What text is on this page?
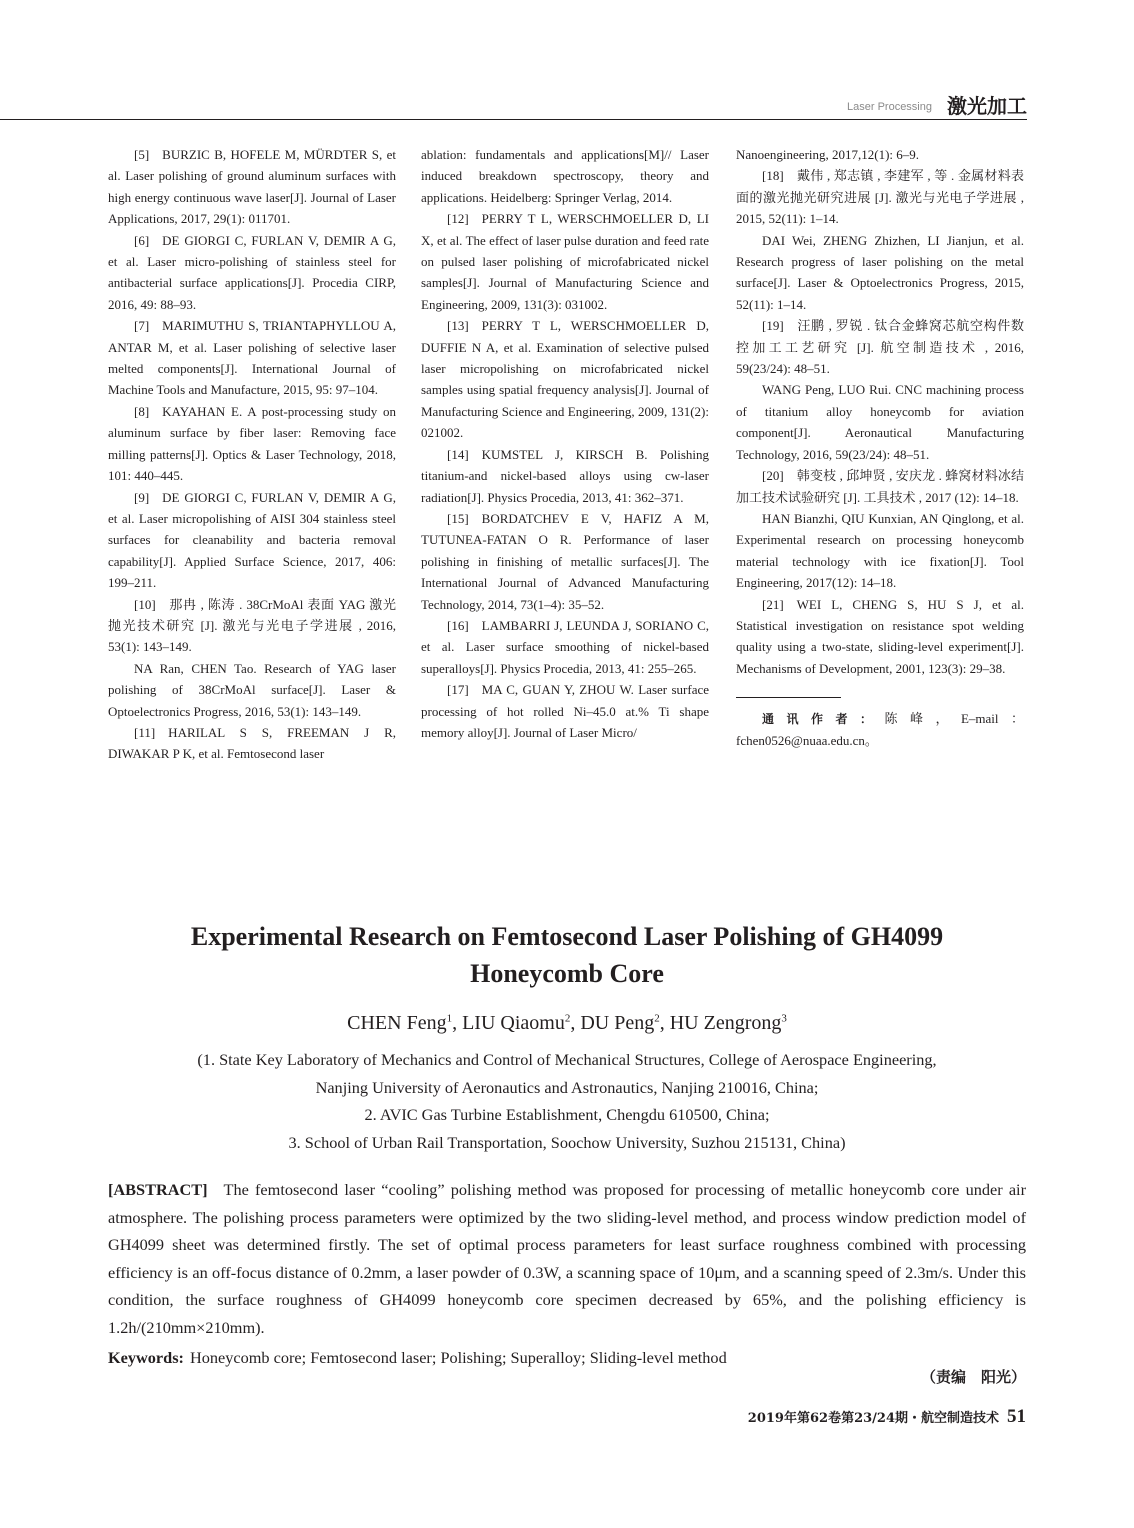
Laser Processing 激光加工

[5] BURZIC B, HOFELE M, MÜRDTER S, et al. Laser polishing of ground aluminum surfaces with high energy continuous wave laser[J]. Journal of Laser Applications, 2017, 29(1): 011701.

[6] DE GIORGI C, FURLAN V, DEMIR A G, et al. Laser micro-polishing of stainless steel for antibacterial surface applications[J]. Procedia CIRP, 2016, 49: 88–93.

[7] MARIMUTHU S, TRIANTAPHYLLOU A, ANTAR M, et al. Laser polishing of selective laser melted components[J]. International Journal of Machine Tools and Manufacture, 2015, 95: 97–104.

[8] KAYAHAN E. A post-processing study on aluminum surface by fiber laser: Removing face milling patterns[J]. Optics & Laser Technology, 2018, 101: 440–445.

[9] DE GIORGI C, FURLAN V, DEMIR A G, et al. Laser micropolishing of AISI 304 stainless steel surfaces for cleanability and bacteria removal capability[J]. Applied Surface Science, 2017, 406: 199–211.

[10] 那冉 , 陈涛 . 38CrMoAl 表面 YAG 激光抛光技术研究 [J]. 激光与光电子学进展 , 2016, 53(1): 143–149.

NA Ran, CHEN Tao. Research of YAG laser polishing of 38CrMoAl surface[J]. Laser & Optoelectronics Progress, 2016, 53(1): 143–149.

[11] HARILAL S S, FREEMAN J R, DIWAKAR P K, et al. Femtosecond laser

ablation: fundamentals and applications[M]// Laser induced breakdown spectroscopy, theory and applications. Heidelberg: Springer Verlag, 2014.

[12] PERRY T L, WERSCHMOELLER D, LI X, et al. The effect of laser pulse duration and feed rate on pulsed laser polishing of microfabricated nickel samples[J]. Journal of Manufacturing Science and Engineering, 2009, 131(3): 031002.

[13] PERRY T L, WERSCHMOELLER D, DUFFIE N A, et al. Examination of selective pulsed laser micropolishing on microfabricated nickel samples using spatial frequency analysis[J]. Journal of Manufacturing Science and Engineering, 2009, 131(2): 021002.

[14] KUMSTEL J, KIRSCH B. Polishing titanium-and nickel-based alloys using cw-laser radiation[J]. Physics Procedia, 2013, 41: 362–371.

[15] BORDATCHEV E V, HAFIZ A M, TUTUNEA-FATAN O R. Performance of laser polishing in finishing of metallic surfaces[J]. The International Journal of Advanced Manufacturing Technology, 2014, 73(1–4): 35–52.

[16] LAMBARRI J, LEUNDA J, SORIANO C, et al. Laser surface smoothing of nickel-based superalloys[J]. Physics Procedia, 2013, 41: 255–265.

[17] MA C, GUAN Y, ZHOU W. Laser surface processing of hot rolled Ni–45.0 at.% Ti shape memory alloy[J]. Journal of Laser Micro/

Nanoengineering, 2017,12(1): 6–9.

[18] 戴伟 , 郑志镇 , 李建军 , 等 . 金属材料表面的激光抛光研究进展 [J]. 激光与光电子学进展 , 2015, 52(11): 1–14.

DAI Wei, ZHENG Zhizhen, LI Jianjun, et al. Research progress of laser polishing on the metal surface[J]. Laser & Optoelectronics Progress, 2015, 52(11): 1–14.

[19] 汪鹏 , 罗锐 . 钛合金蜂窝芯航空构件数控加工工艺研究 [J]. 航空制造技术 , 2016, 59(23/24): 48–51.

WANG Peng, LUO Rui. CNC machining process of titanium alloy honeycomb for aviation component[J]. Aeronautical Manufacturing Technology, 2016, 59(23/24): 48–51.

[20] 韩变枝 , 邱坤贤 , 安庆龙 . 蜂窝材料冰结加工技术试验研究 [J]. 工具技术 , 2017 (12): 14–18.

HAN Bianzhi, QIU Kunxian, AN Qinglong, et al. Experimental research on processing honeycomb material technology with ice fixation[J]. Tool Engineering, 2017(12): 14–18.

[21] WEI L, CHENG S, HU S J, et al. Statistical investigation on resistance spot welding quality using a two-state, sliding-level experiment[J]. Mechanisms of Development, 2001, 123(3): 29–38.

通讯作者：陈峰，E–mail：fchen0526@nuaa.edu.cn。

Experimental Research on Femtosecond Laser Polishing of GH4099
Honeycomb Core
CHEN Feng$^1$, LIU Qiaomu$^2$, DU Peng$^2$, HU Zengrong$^3$
(1. State Key Laboratory of Mechanics and Control of Mechanical Structures, College of Aerospace Engineering,
Nanjing University of Aeronautics and Astronautics, Nanjing 210016, China;
2. AVIC Gas Turbine Establishment, Chengdu 610500, China;
3. School of Urban Rail Transportation, Soochow University, Suzhou 215131, China)

[ABSTRACT] The femtosecond laser “cooling” polishing method was proposed for processing of metallic honeycomb core under air atmosphere. The polishing process parameters were optimized by the two sliding-level method, and process window prediction model of GH4099 sheet was determined firstly. The set of optimal process parameters for least surface roughness combined with processing efficiency is an off-focus distance of 0.2mm, a laser powder of 0.3W, a scanning space of 10μm, and a scanning speed of 2.3m/s. Under this condition, the surface roughness of GH4099 honeycomb core specimen decreased by 65%, and the polishing efficiency is 1.2h/(210mm×210mm).

Keywords: Honeycomb core; Femtosecond laser; Polishing; Superalloy; Sliding-level method
（责编 阳光）
2019年第62卷第23/24期・航空制造技术 51
